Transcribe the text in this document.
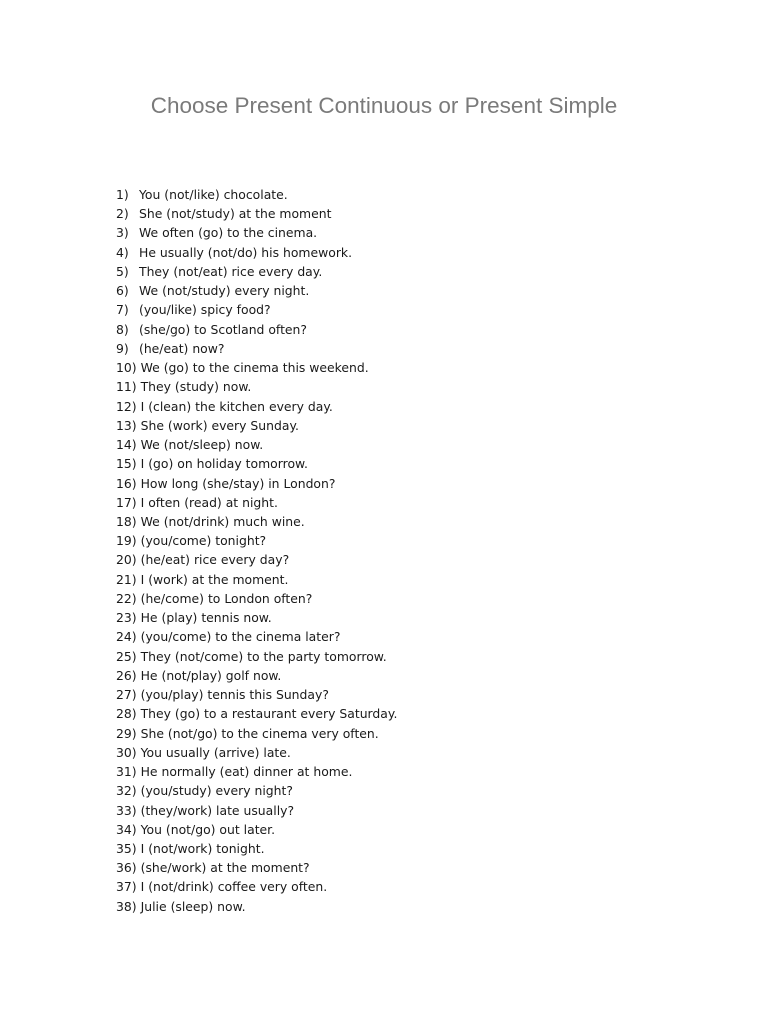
Choose Present Continuous or Present Simple
1) You (not/like) chocolate.
2) She (not/study) at the moment
3) We often (go) to the cinema.
4) He usually (not/do) his homework.
5) They (not/eat) rice every day.
6) We (not/study) every night.
7) (you/like) spicy food?
8) (she/go) to Scotland often?
9) (he/eat) now?
10) We (go) to the cinema this weekend.
11) They (study) now.
12) I (clean) the kitchen every day.
13) She (work) every Sunday.
14) We (not/sleep) now.
15) I (go) on holiday tomorrow.
16) How long (she/stay) in London?
17) I often (read) at night.
18) We (not/drink) much wine.
19) (you/come) tonight?
20) (he/eat) rice every day?
21) I (work) at the moment.
22) (he/come) to London often?
23) He (play) tennis now.
24) (you/come) to the cinema later?
25) They (not/come) to the party tomorrow.
26) He (not/play) golf now.
27) (you/play) tennis this Sunday?
28) They (go) to a restaurant every Saturday.
29) She (not/go) to the cinema very often.
30) You usually (arrive) late.
31) He normally (eat) dinner at home.
32) (you/study) every night?
33) (they/work) late usually?
34) You (not/go) out later.
35) I (not/work) tonight.
36) (she/work) at the moment?
37) I (not/drink) coffee very often.
38) Julie (sleep) now.
